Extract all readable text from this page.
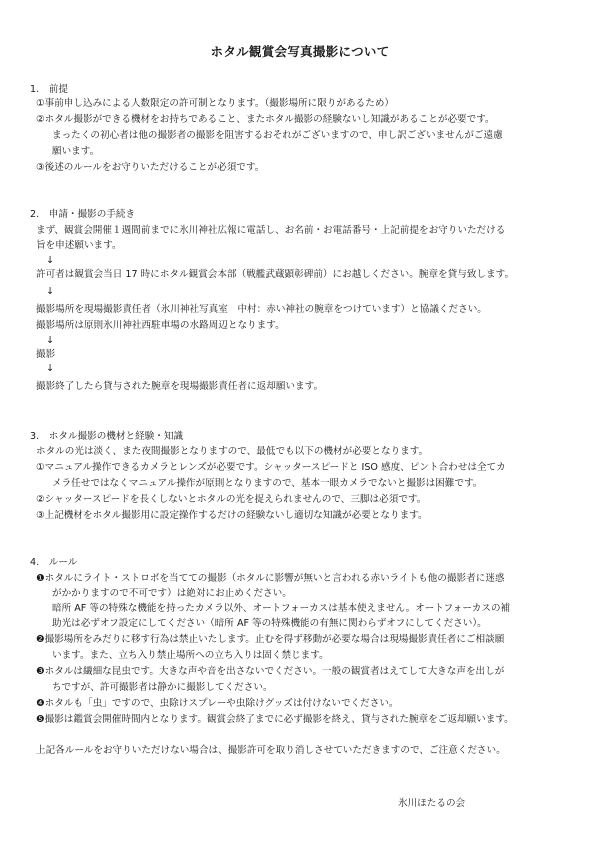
ホタル観賞会写真撮影について
1.　前提
①事前申し込みによる人数限定の許可制となります。（撮影場所に限りがあるため）
②ホタル撮影ができる機材をお持ちであること、またホタル撮影の経験ないし知識があることが必要です。
まったくの初心者は他の撮影者の撮影を阻害するおそれがございますので、申し訳ございませんがご遠慮
願います。
③後述のルールをお守りいただけることが必須です。
2.　申請・撮影の手続き
まず、観賞会開催１週間前までに氷川神社広報に電話し、お名前・お電話番号・上記前提をお守りいただける
旨を申述願います。
↓
許可者は観賞会当日 17 時にホタル観賞会本部（戦艦武蔵顕彰碑前）にお越しください。腕章を貸与致します。
↓
撮影場所を現場撮影責任者（氷川神社写真室　中村：赤い神社の腕章をつけています）と協議ください。
撮影場所は原則氷川神社西駐車場の水路周辺となります。
↓
撮影
↓
撮影終了したら貸与された腕章を現場撮影責任者に返却願います。
3.　ホタル撮影の機材と経験・知識
ホタルの光は淡く、また夜間撮影となりますので、最低でも以下の機材が必要となります。
①マニュアル操作できるカメラとレンズが必要です。シャッタースピードと ISO 感度、ピント合わせは全てカ
メラ任せではなくマニュアル操作が原則となりますので、基本一眼カメラでないと撮影は困難です。
②シャッタースピードを長くしないとホタルの光を捉えられませんので、三脚は必須です。
③上記機材をホタル撮影用に設定操作するだけの経験ないし適切な知識が必要となります。
4.　ルール
❶ホタルにライト・ストロボを当てての撮影（ホタルに影響が無いと言われる赤いライトも他の撮影者に迷惑
がかかりますので不可です）は絶対にお止めください。
暗所 AF 等の特殊な機能を持ったカメラ以外、オートフォーカスは基本使えません。オートフォーカスの補
助光は必ずオフ設定にしてください（暗所 AF 等の特殊機能の有無に関わらずオフにしてください）。
❷撮影場所をみだりに移す行為は禁止いたします。止むを得ず移動が必要な場合は現場撮影責任者にご相談願
います。また、立ち入り禁止場所への立ち入りは固く禁じます。
❸ホタルは繊細な昆虫です。大きな声や音を出さないでください。一般の観賞者はえてして大きな声を出しが
ちですが、許可撮影者は静かに撮影してください。
❹ホタルも「虫」ですので、虫除けスプレーや虫除けグッズは付けないでください。
❺撮影は鑑賞会開催時間内となります。観賞会終了までに必ず撮影を終え、貸与された腕章をご返却願います。
上記各ルールをお守りいただけない場合は、撮影許可を取り消しさせていただきますので、ご注意ください。
氷川ほたるの会
